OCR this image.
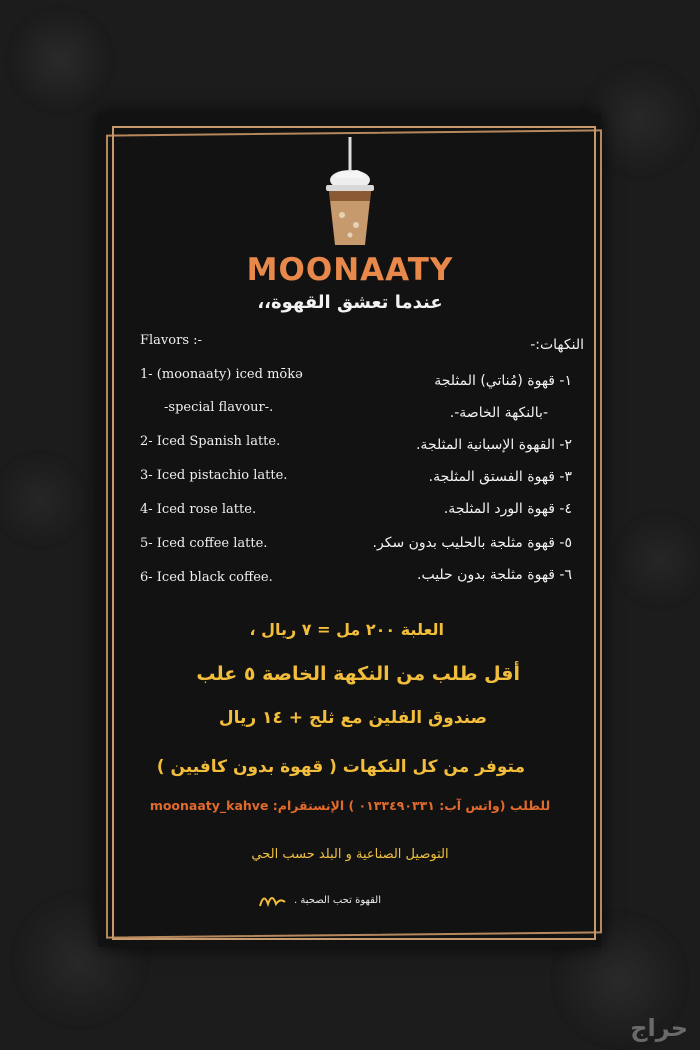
MOONAATY
عندما تعشق القهوة،،
Flavors :-
1- (moonaaty) iced mōkə
-special flavour-.
2- Iced Spanish latte.
3- Iced pistachio latte.
4- Iced rose latte.
5- Iced coffee latte.
6- Iced black coffee.
النكهات:-
١- قهوة (مُناتي) المثلجة
-بالنكهة الخاصة-.
٢- القهوة الإسبانية المثلجة.
٣- قهوة الفستق المثلجة.
٤- قهوة الورد المثلجة.
٥- قهوة مثلجة بالحليب بدون سكر.
٦- قهوة مثلجة بدون حليب.
العلبة ٢٠٠ مل = ٧ ريال ،
أقل طلب من النكهة الخاصة ٥ علب
صندوق الفلين مع ثلج + ١٤ ريال
متوفر من كل النكهات ( قهوة بدون كافيين )
للطلب (واتس آب: ٠١٣٣٤٩٠٣٣١ ) الإنستقرام: moonaaty_kahve
التوصيل الصناعية و البلد حسب الحي
القهوة تحب الصحبة .
حراج
